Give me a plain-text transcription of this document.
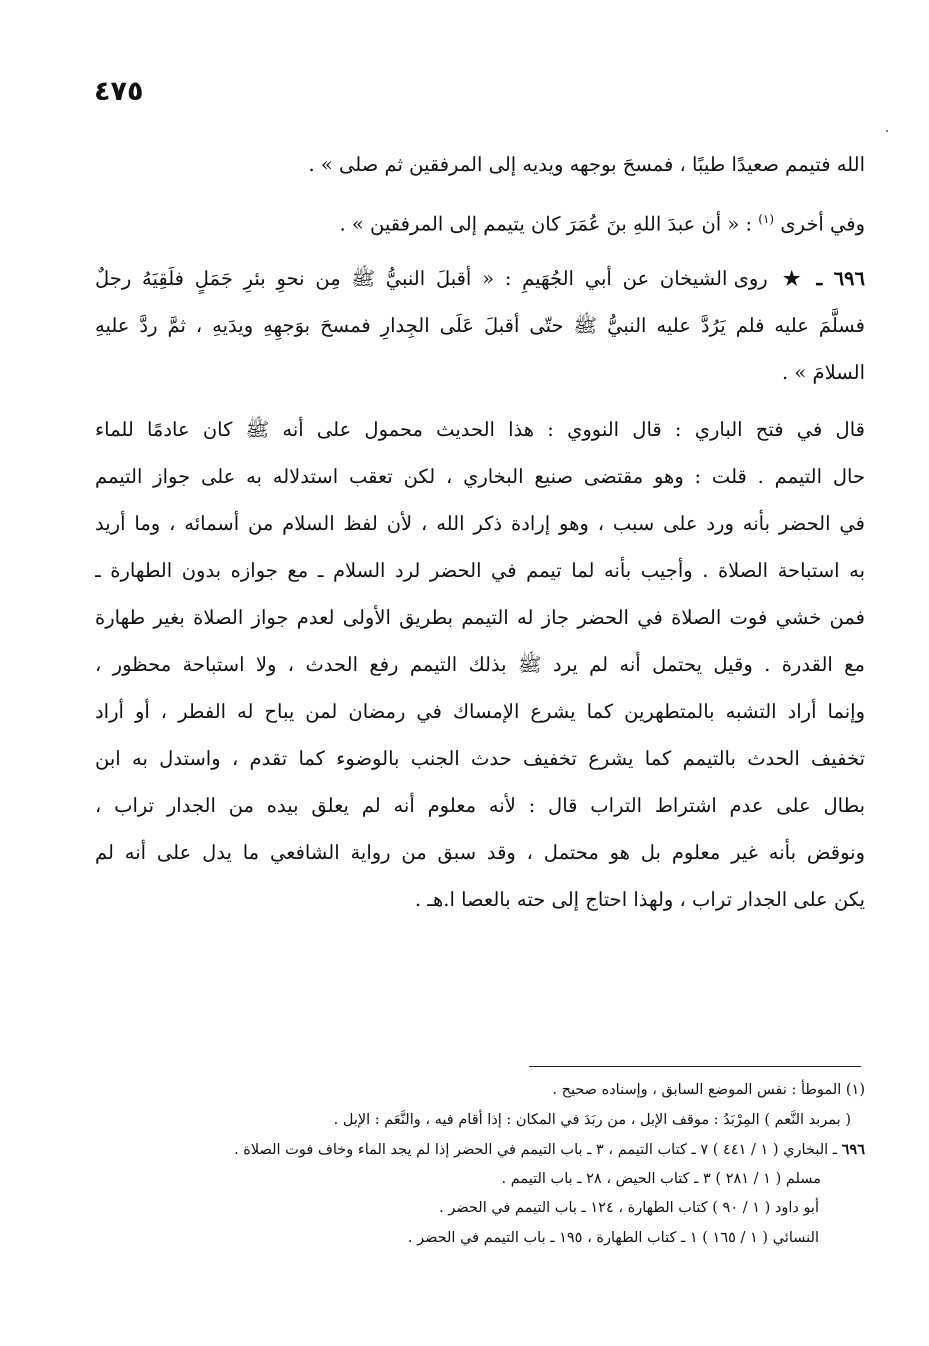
٤٧٥
الله فتيمم صعيدًا طيبًا ، فمسحَ بوجهه ويديه إلى المرفقين ثم صلى » .
وفي أخرى $^{(١)}$ : « أن عبدَ اللهِ بنَ عُمَرَ كان يتيمم إلى المرفقين » .
٦٩٦ ـ ★ روى الشيخان عن أبي الجُهَيمِ : « أقبلَ النبيُّ ﷺ مِن نحوِ بئرِ جَمَلٍ فلَقِيَهُ رجلٌ
فسلَّمَ عليه فلم يَرُدَّ عليه النبيُّ ﷺ حتّى أقبلَ عَلَى الجِدارِ فمسحَ بوَجهِهِ ويدَيهِ ، ثمَّ ردَّ عليهِ
السلامَ » .
قال في فتح الباري : قال النووي : هذا الحديث محمول على أنه ﷺ كان عادمًا للماء
حال التيمم . قلت : وهو مقتضى صنيع البخاري ، لكن تعقب استدلاله به على جواز التيمم
في الحضر بأنه ورد على سبب ، وهو إرادة ذكر الله ، لأن لفظ السلام من أسمائه ، وما أريد
به استباحة الصلاة . وأجيب بأنه لما تيمم في الحضر لرد السلام ـ مع جوازه بدون الطهارة ـ
فمن خشي فوت الصلاة في الحضر جاز له التيمم بطريق الأولى لعدم جواز الصلاة بغير طهارة
مع القدرة . وقيل يحتمل أنه لم يرد ﷺ بذلك التيمم رفع الحدث ، ولا استباحة محظور ،
وإنما أراد التشبه بالمتطهرين كما يشرع الإمساك في رمضان لمن يباح له الفطر ، أو أراد
تخفيف الحدث بالتيمم كما يشرع تخفيف حدث الجنب بالوضوء كما تقدم ، واستدل به ابن
بطال على عدم اشتراط التراب قال : لأنه معلوم أنه لم يعلق بيده من الجدار تراب ،
ونوقض بأنه غير معلوم بل هو محتمل ، وقد سبق من رواية الشافعي ما يدل على أنه لم
يكن على الجدار تراب ، ولهذا احتاج إلى حته بالعصا ا.هـ .
(١) الموطأ : نفس الموضع السابق ، وإسناده صحيح .
( بمربد النَّعم ) المِرْبَدُ : موقف الإبل ، من ربَدَ في المكان : إذا أقام فيه ، والنَّعَم : الإبل .
٦٩٦ ـ البخاري ( ١ / ٤٤١ ) ٧ ـ كتاب التيمم ، ٣ ـ باب التيمم في الحضر إذا لم يجد الماء وخاف فوت الصلاة .
مسلم ( ١ / ٢٨١ ) ٣ ـ كتاب الحيض ، ٢٨ ـ باب التيمم .
أبو داود ( ١ / ٩٠ ) كتاب الطهارة ، ١٢٤ ـ باب التيمم في الحضر .
النسائي ( ١ / ١٦٥ ) ١ ـ كتاب الطهارة ، ١٩٥ ـ باب التيمم في الحضر .
